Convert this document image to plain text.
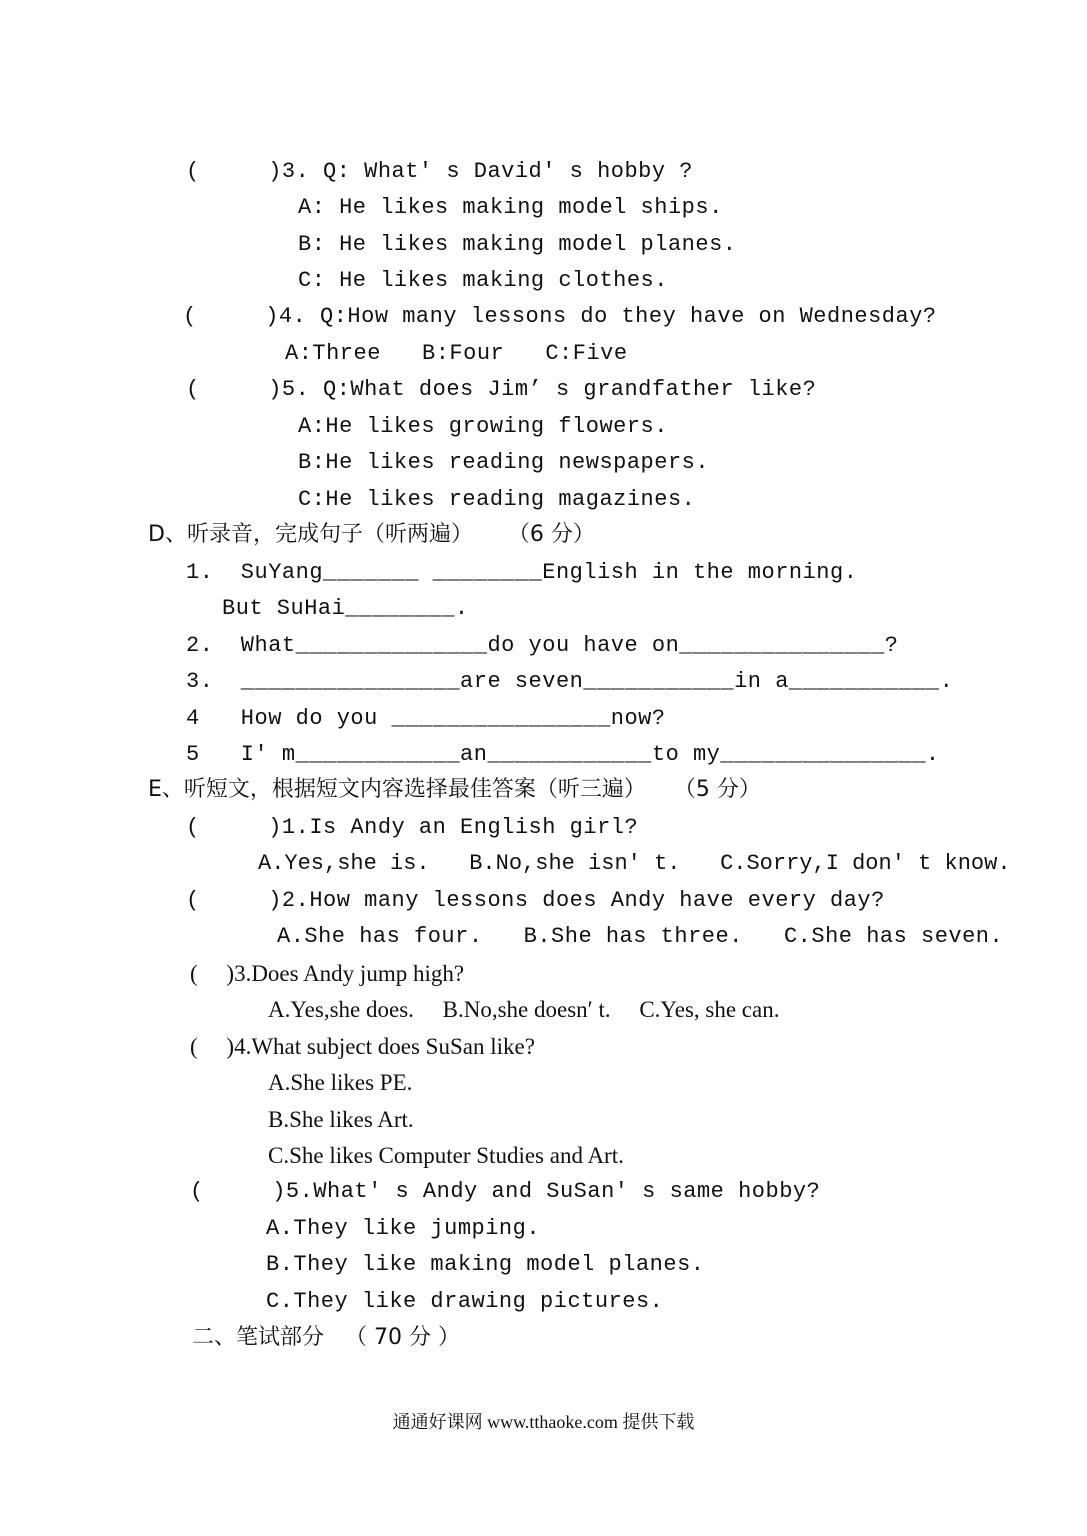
(     )3. Q: What′ s David′ s hobby ?
A: He likes making model ships.
B: He likes making model planes.
C: He likes making clothes.
(     )4. Q:How many lessons do they have on Wednesday?
A:Three   B:Four   C:Five
(     )5. Q:What does Jim’ s grandfather like?
A:He likes growing flowers.
B:He likes reading newspapers.
C:He likes reading magazines.
D、听录音，完成句子（听两遍）     （6 分）
1.  SuYang_______ ________English in the morning.
But SuHai________.
2.  What______________do you have on_______________?
3.  ________________are seven___________in a___________.
4   How do you ________________now?
5   I′ m____________an____________to my_______________.
E、听短文，根据短文内容选择最佳答案（听三遍）    （5 分）
(     )1.Is Andy an English girl?
A.Yes,she is.   B.No,she isn′ t.   C.Sorry,I don′ t know.
(     )2.How many lessons does Andy have every day?
A.She has four.   B.She has three.   C.She has seven.
(     )3.Does Andy jump high?
A.Yes,she does.     B.No,she doesn′ t.     C.Yes, she can.
(     )4.What subject does SuSan like?
A.She likes PE.
B.She likes Art.
C.She likes Computer Studies and Art.
(     )5.What′ s Andy and SuSan′ s same hobby?
A.They like jumping.
B.They like making model planes.
C.They like drawing pictures.
二、笔试部分   （ 70 分 ）
通通好课网 www.tthaoke.com 提供下载
